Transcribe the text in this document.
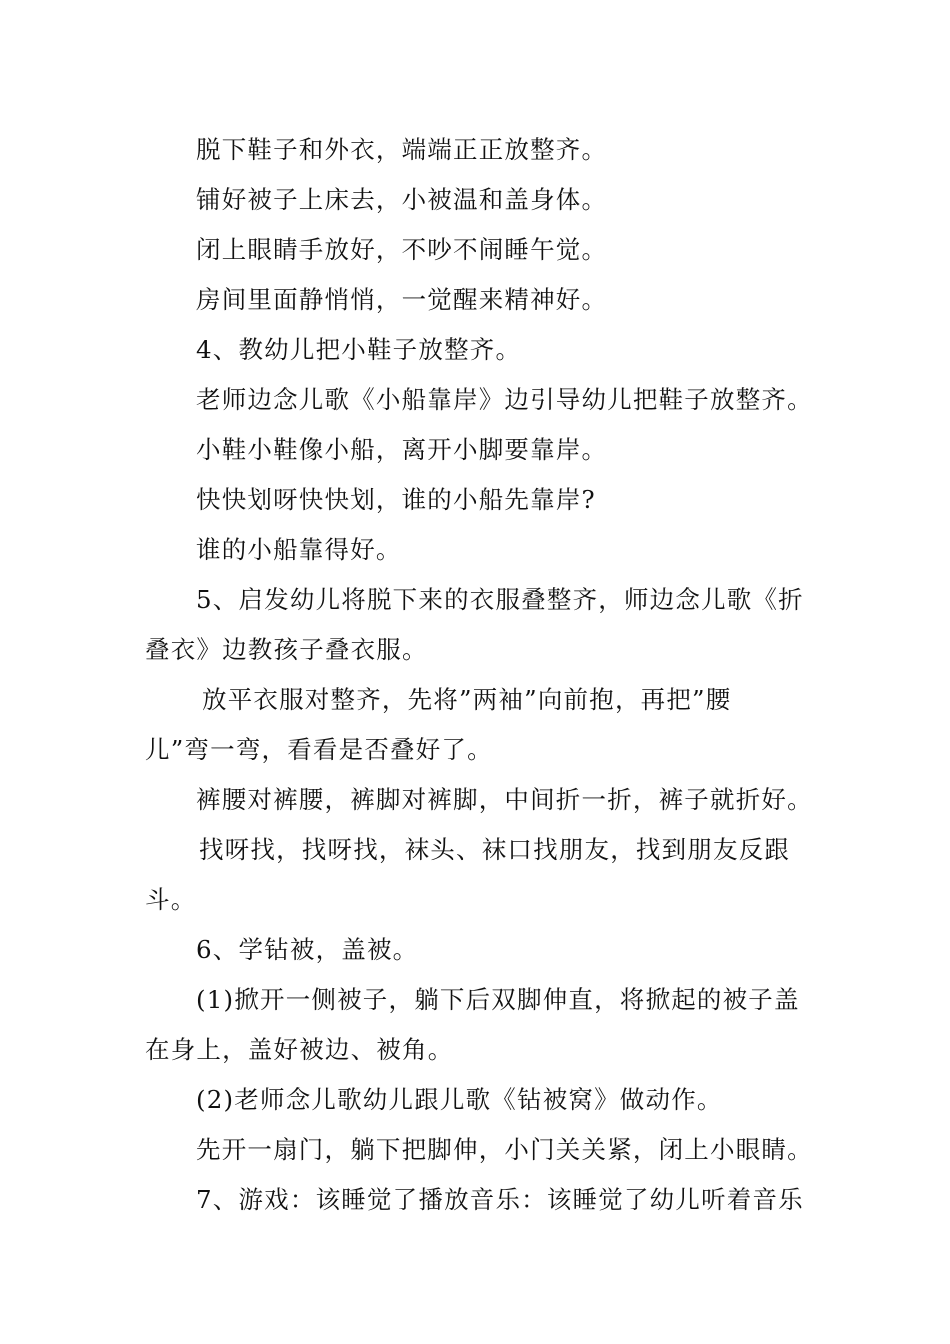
脱下鞋子和外衣，端端正正放整齐。

铺好被子上床去，小被温和盖身体。

闭上眼睛手放好，不吵不闹睡午觉。

房间里面静悄悄，一觉醒来精神好。

4、教幼儿把小鞋子放整齐。

老师边念儿歌《小船靠岸》边引导幼儿把鞋子放整齐。

小鞋小鞋像小船，离开小脚要靠岸。

快快划呀快快划，谁的小船先靠岸?

谁的小船靠得好。

5、启发幼儿将脱下来的衣服叠整齐，师边念儿歌《折

叠衣》边教孩子叠衣服。

放平衣服对整齐，先将”两袖”向前抱，再把”腰

儿”弯一弯，看看是否叠好了。

裤腰对裤腰，裤脚对裤脚，中间折一折，裤子就折好。

找呀找，找呀找，袜头、袜口找朋友，找到朋友反跟

斗。

6、学钻被，盖被。

(1)掀开一侧被子，躺下后双脚伸直，将掀起的被子盖

在身上，盖好被边、被角。

(2)老师念儿歌幼儿跟儿歌《钻被窝》做动作。

先开一扇门，躺下把脚伸，小门关关紧，闭上小眼睛。

7、游戏：该睡觉了播放音乐：该睡觉了幼儿听着音乐
